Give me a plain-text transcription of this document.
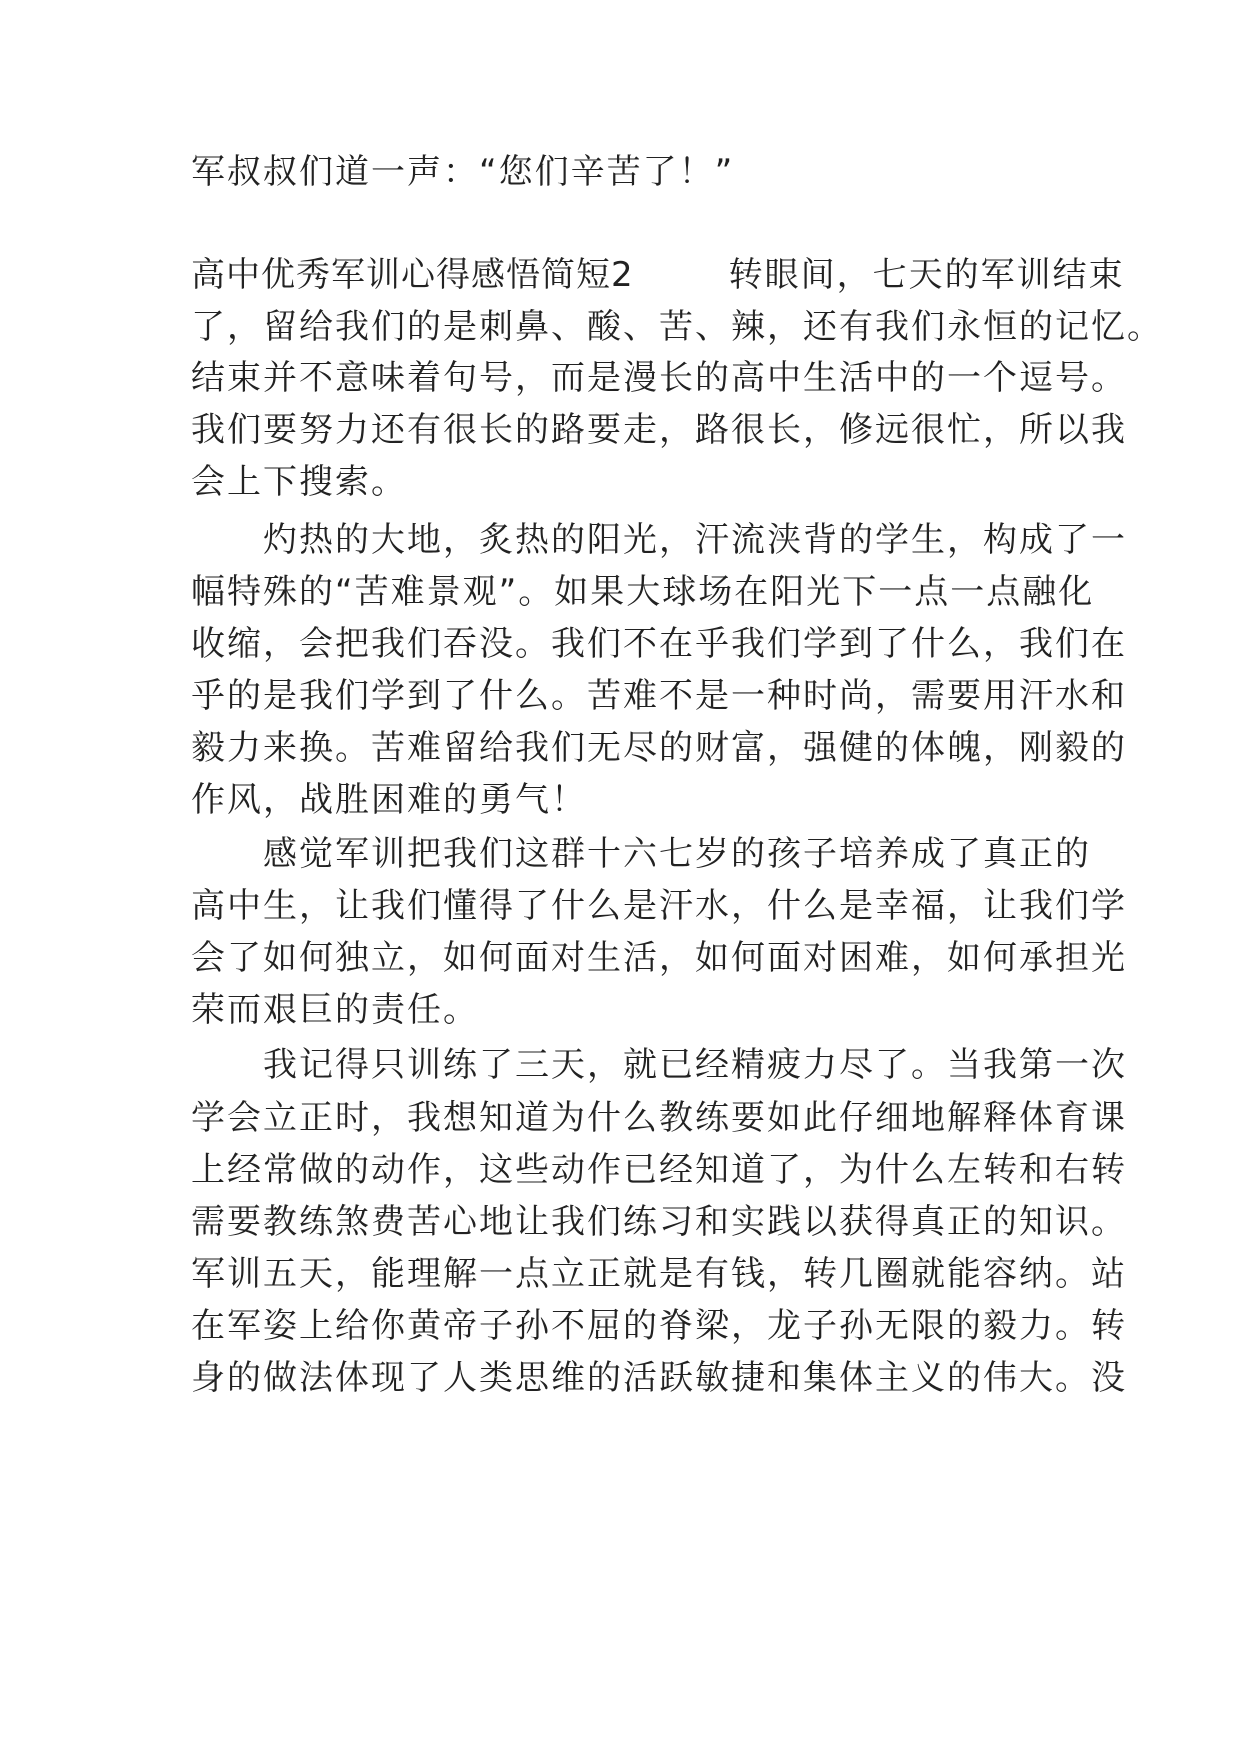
军叔叔们道一声：“您们辛苦了！”
高中优秀军训心得感悟简短2	转眼间，七天的军训结束
了，留给我们的是刺鼻、酸、苦、辣，还有我们永恒的记忆。
结束并不意味着句号，而是漫长的高中生活中的一个逗号。
我们要努力还有很长的路要走，路很长，修远很忙，所以我
会上下搜索。
　　灼热的大地，炙热的阳光，汗流浃背的学生，构成了一
幅特殊的“苦难景观”。如果大球场在阳光下一点一点融化
收缩，会把我们吞没。我们不在乎我们学到了什么，我们在
乎的是我们学到了什么。苦难不是一种时尚，需要用汗水和
毅力来换。苦难留给我们无尽的财富，强健的体魄，刚毅的
作风，战胜困难的勇气！
　　感觉军训把我们这群十六七岁的孩子培养成了真正的
高中生，让我们懂得了什么是汗水，什么是幸福，让我们学
会了如何独立，如何面对生活，如何面对困难，如何承担光
荣而艰巨的责任。
　　我记得只训练了三天，就已经精疲力尽了。当我第一次
学会立正时，我想知道为什么教练要如此仔细地解释体育课
上经常做的动作，这些动作已经知道了，为什么左转和右转
需要教练煞费苦心地让我们练习和实践以获得真正的知识。
军训五天，能理解一点立正就是有钱，转几圈就能容纳。站
在军姿上给你黄帝子孙不屈的脊梁，龙子孙无限的毅力。转
身的做法体现了人类思维的活跃敏捷和集体主义的伟大。没
